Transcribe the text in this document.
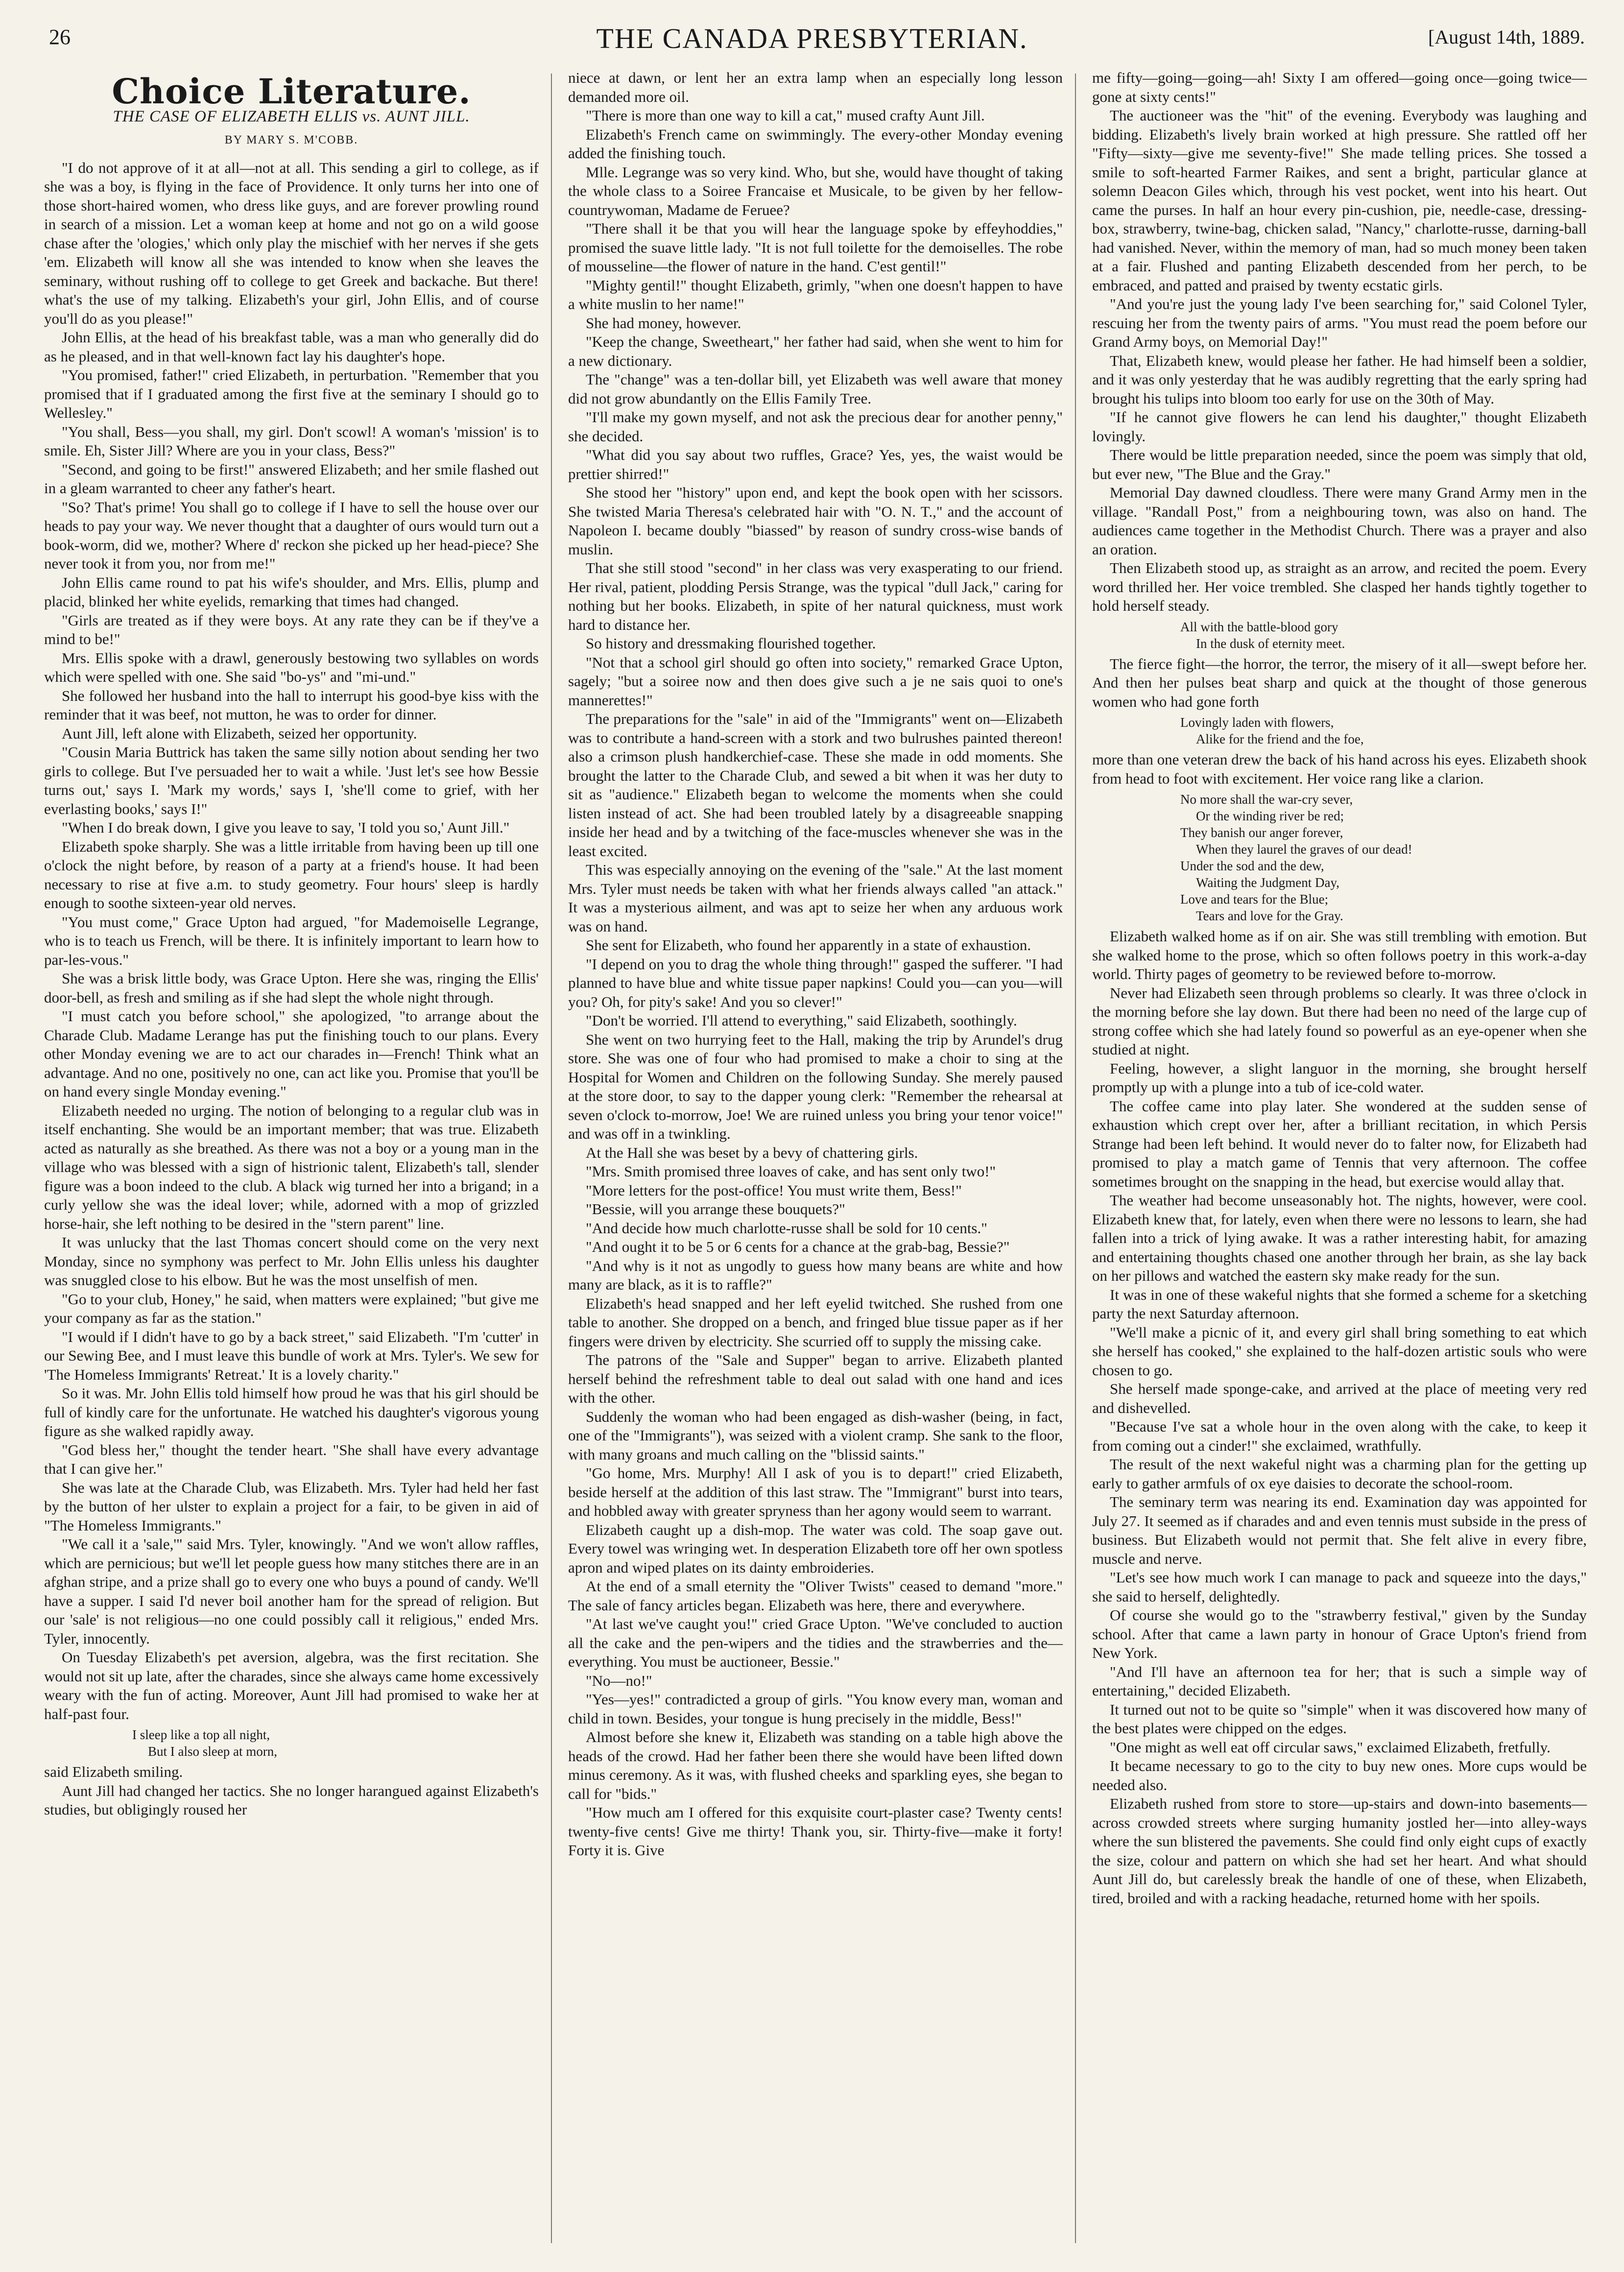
26	THE CANADA PRESBYTERIAN.	[August 14th, 1889.
Choice Literature.
THE CASE OF ELIZABETH ELLIS vs. AUNT JILL.
BY MARY S. M'COBB.

"I do not approve of it at all—not at all. This sending a girl to college, as if she was a boy, is flying in the face of Providence. It only turns her into one of those short-haired women, who dress like guys, and are forever prowling round in search of a mission. Let a woman keep at home and not go on a wild goose chase after the 'ologies,' which only play the mischief with her nerves if she gets 'em. Elizabeth will know all she was intended to know when she leaves the seminary, without rushing off to college to get Greek and backache. But there! what's the use of my talking. Elizabeth's your girl, John Ellis, and of course you'll do as you please!"

John Ellis, at the head of his breakfast table, was a man who generally did do as he pleased, and in that well-known fact lay his daughter's hope.

"You promised, father!" cried Elizabeth, in perturbation. "Remember that you promised that if I graduated among the first five at the seminary I should go to Wellesley."

"You shall, Bess—you shall, my girl. Don't scowl! A woman's 'mission' is to smile. Eh, Sister Jill? Where are you in your class, Bess?"

"Second, and going to be first!" answered Elizabeth; and her smile flashed out in a gleam warranted to cheer any father's heart.

"So? That's prime! You shall go to college if I have to sell the house over our heads to pay your way. We never thought that a daughter of ours would turn out a book-worm, did we, mother? Where d' reckon she picked up her head-piece? She never took it from you, nor from me!"

John Ellis came round to pat his wife's shoulder, and Mrs. Ellis, plump and placid, blinked her white eyelids, remarking that times had changed.

"Girls are treated as if they were boys. At any rate they can be if they've a mind to be!"

Mrs. Ellis spoke with a drawl, generously bestowing two syllables on words which were spelled with one. She said "bo-ys" and "mi-und."

She followed her husband into the hall to interrupt his good-bye kiss with the reminder that it was beef, not mutton, he was to order for dinner.

Aunt Jill, left alone with Elizabeth, seized her opportunity.

"Cousin Maria Buttrick has taken the same silly notion about sending her two girls to college. But I've persuaded her to wait a while. 'Just let's see how Bessie turns out,' says I. 'Mark my words,' says I, 'she'll come to grief, with her everlasting books,' says I!"

"When I do break down, I give you leave to say, 'I told you so,' Aunt Jill."

Elizabeth spoke sharply. She was a little irritable from having been up till one o'clock the night before, by reason of a party at a friend's house. It had been necessary to rise at five a.m. to study geometry. Four hours' sleep is hardly enough to soothe sixteen-year old nerves.

"You must come," Grace Upton had argued, "for Mademoiselle Legrange, who is to teach us French, will be there. It is infinitely important to learn how to par-les-vous."

She was a brisk little body, was Grace Upton. Here she was, ringing the Ellis' door-bell, as fresh and smiling as if she had slept the whole night through.

"I must catch you before school," she apologized, "to arrange about the Charade Club. Madame Lerange has put the finishing touch to our plans. Every other Monday evening we are to act our charades in—French! Think what an advantage. And no one, positively no one, can act like you. Promise that you'll be on hand every single Monday evening."

Elizabeth needed no urging. The notion of belonging to a regular club was in itself enchanting. She would be an important member; that was true. Elizabeth acted as naturally as she breathed. As there was not a boy or a young man in the village who was blessed with a sign of histrionic talent, Elizabeth's tall, slender figure was a boon indeed to the club. A black wig turned her into a brigand; in a curly yellow she was the ideal lover; while, adorned with a mop of grizzled horse-hair, she left nothing to be desired in the "stern parent" line.

It was unlucky that the last Thomas concert should come on the very next Monday, since no symphony was perfect to Mr. John Ellis unless his daughter was snuggled close to his elbow. But he was the most unselfish of men.

"Go to your club, Honey," he said, when matters were explained; "but give me your company as far as the station."

"I would if I didn't have to go by a back street," said Elizabeth. "I'm 'cutter' in our Sewing Bee, and I must leave this bundle of work at Mrs. Tyler's. We sew for 'The Homeless Immigrants' Retreat.' It is a lovely charity."

So it was. Mr. John Ellis told himself how proud he was that his girl should be full of kindly care for the unfortunate. He watched his daughter's vigorous young figure as she walked rapidly away.

"God bless her," thought the tender heart. "She shall have every advantage that I can give her."

She was late at the Charade Club, was Elizabeth. Mrs. Tyler had held her fast by the button of her ulster to explain a project for a fair, to be given in aid of "The Homeless Immigrants."

"We call it a 'sale,'" said Mrs. Tyler, knowingly. "And we won't allow raffles, which are pernicious; but we'll let people guess how many stitches there are in an afghan stripe, and a prize shall go to every one who buys a pound of candy. We'll have a supper. I said I'd never boil another ham for the spread of religion. But our 'sale' is not religious—no one could possibly call it religious," ended Mrs. Tyler, innocently.

On Tuesday Elizabeth's pet aversion, algebra, was the first recitation. She would not sit up late, after the charades, since she always came home excessively weary with the fun of acting. Moreover, Aunt Jill had promised to wake her at half-past four.

I sleep like a top all night,
But I also sleep at morn,

said Elizabeth smiling.

Aunt Jill had changed her tactics. She no longer harangued against Elizabeth's studies, but obligingly roused her

niece at dawn, or lent her an extra lamp when an especially long lesson demanded more oil.

"There is more than one way to kill a cat," mused crafty Aunt Jill.

Elizabeth's French came on swimmingly. The every-other Monday evening added the finishing touch.

Mlle. Legrange was so very kind. Who, but she, would have thought of taking the whole class to a Soiree Francaise et Musicale, to be given by her fellow-countrywoman, Madame de Feruee?

"There shall it be that you will hear the language spoke by effeyhoddies," promised the suave little lady. "It is not full toilette for the demoiselles. The robe of mousseline—the flower of nature in the hand. C'est gentil!"

"Mighty gentil!" thought Elizabeth, grimly, "when one doesn't happen to have a white muslin to her name!"

She had money, however.

"Keep the change, Sweetheart," her father had said, when she went to him for a new dictionary.

The "change" was a ten-dollar bill, yet Elizabeth was well aware that money did not grow abundantly on the Ellis Family Tree.

"I'll make my gown myself, and not ask the precious dear for another penny," she decided.

"What did you say about two ruffles, Grace? Yes, yes, the waist would be prettier shirred!"

She stood her "history" upon end, and kept the book open with her scissors. She twisted Maria Theresa's celebrated hair with "O. N. T.," and the account of Napoleon I. became doubly "biassed" by reason of sundry cross-wise bands of muslin.

That she still stood "second" in her class was very exasperating to our friend. Her rival, patient, plodding Persis Strange, was the typical "dull Jack," caring for nothing but her books. Elizabeth, in spite of her natural quickness, must work hard to distance her.

So history and dressmaking flourished together.

"Not that a school girl should go often into society," remarked Grace Upton, sagely; "but a soiree now and then does give such a je ne sais quoi to one's mannerettes!"

The preparations for the "sale" in aid of the "Immigrants" went on—Elizabeth was to contribute a hand-screen with a stork and two bulrushes painted thereon! also a crimson plush handkerchief-case. These she made in odd moments. She brought the latter to the Charade Club, and sewed a bit when it was her duty to sit as "audience." Elizabeth began to welcome the moments when she could listen instead of act. She had been troubled lately by a disagreeable snapping inside her head and by a twitching of the face-muscles whenever she was in the least excited.

This was especially annoying on the evening of the "sale." At the last moment Mrs. Tyler must needs be taken with what her friends always called "an attack." It was a mysterious ailment, and was apt to seize her when any arduous work was on hand.

She sent for Elizabeth, who found her apparently in a state of exhaustion.

"I depend on you to drag the whole thing through!" gasped the sufferer. "I had planned to have blue and white tissue paper napkins! Could you—can you—will you? Oh, for pity's sake! And you so clever!"

"Don't be worried. I'll attend to everything," said Elizabeth, soothingly.

She went on two hurrying feet to the Hall, making the trip by Arundel's drug store. She was one of four who had promised to make a choir to sing at the Hospital for Women and Children on the following Sunday. She merely paused at the store door, to say to the dapper young clerk: "Remember the rehearsal at seven o'clock to-morrow, Joe! We are ruined unless you bring your tenor voice!" and was off in a twinkling.

At the Hall she was beset by a bevy of chattering girls.

"Mrs. Smith promised three loaves of cake, and has sent only two!"

"More letters for the post-office! You must write them, Bess!"

"Bessie, will you arrange these bouquets?"

"And decide how much charlotte-russe shall be sold for 10 cents."

"And ought it to be 5 or 6 cents for a chance at the grab-bag, Bessie?"

"And why is it not as ungodly to guess how many beans are white and how many are black, as it is to raffle?"

Elizabeth's head snapped and her left eyelid twitched. She rushed from one table to another. She dropped on a bench, and fringed blue tissue paper as if her fingers were driven by electricity. She scurried off to supply the missing cake.

The patrons of the "Sale and Supper" began to arrive. Elizabeth planted herself behind the refreshment table to deal out salad with one hand and ices with the other.

Suddenly the woman who had been engaged as dish-washer (being, in fact, one of the "Immigrants"), was seized with a violent cramp. She sank to the floor, with many groans and much calling on the "blissid saints."

"Go home, Mrs. Murphy! All I ask of you is to depart!" cried Elizabeth, beside herself at the addition of this last straw. The "Immigrant" burst into tears, and hobbled away with greater spryness than her agony would seem to warrant.

Elizabeth caught up a dish-mop. The water was cold. The soap gave out. Every towel was wringing wet. In desperation Elizabeth tore off her own spotless apron and wiped plates on its dainty embroideries.

At the end of a small eternity the "Oliver Twists" ceased to demand "more." The sale of fancy articles began. Elizabeth was here, there and everywhere.

"At last we've caught you!" cried Grace Upton. "We've concluded to auction all the cake and the pen-wipers and the tidies and the strawberries and the—everything. You must be auctioneer, Bessie."

"No—no!"

"Yes—yes!" contradicted a group of girls. "You know every man, woman and child in town. Besides, your tongue is hung precisely in the middle, Bess!"

Almost before she knew it, Elizabeth was standing on a table high above the heads of the crowd. Had her father been there she would have been lifted down minus ceremony. As it was, with flushed cheeks and sparkling eyes, she began to call for "bids."

"How much am I offered for this exquisite court-plaster case? Twenty cents! twenty-five cents! Give me thirty! Thank you, sir. Thirty-five—make it forty! Forty it is. Give

me fifty—going—going—ah! Sixty I am offered—going once—going twice—gone at sixty cents!"

The auctioneer was the "hit" of the evening. Everybody was laughing and bidding. Elizabeth's lively brain worked at high pressure. She rattled off her "Fifty—sixty—give me seventy-five!" She made telling prices. She tossed a smile to soft-hearted Farmer Raikes, and sent a bright, particular glance at solemn Deacon Giles which, through his vest pocket, went into his heart. Out came the purses. In half an hour every pin-cushion, pie, needle-case, dressing-box, strawberry, twine-bag, chicken salad, "Nancy," charlotte-russe, darning-ball had vanished. Never, within the memory of man, had so much money been taken at a fair. Flushed and panting Elizabeth descended from her perch, to be embraced, and patted and praised by twenty ecstatic girls.

"And you're just the young lady I've been searching for," said Colonel Tyler, rescuing her from the twenty pairs of arms. "You must read the poem before our Grand Army boys, on Memorial Day!"

That, Elizabeth knew, would please her father. He had himself been a soldier, and it was only yesterday that he was audibly regretting that the early spring had brought his tulips into bloom too early for use on the 30th of May.

"If he cannot give flowers he can lend his daughter," thought Elizabeth lovingly.

There would be little preparation needed, since the poem was simply that old, but ever new, "The Blue and the Gray."

Memorial Day dawned cloudless. There were many Grand Army men in the village. "Randall Post," from a neighbouring town, was also on hand. The audiences came together in the Methodist Church. There was a prayer and also an oration.

Then Elizabeth stood up, as straight as an arrow, and recited the poem. Every word thrilled her. Her voice trembled. She clasped her hands tightly together to hold herself steady.

All with the battle-blood gory
In the dusk of eternity meet.

The fierce fight—the horror, the terror, the misery of it all—swept before her. And then her pulses beat sharp and quick at the thought of those generous women who had gone forth

Lovingly laden with flowers,
Alike for the friend and the foe,

more than one veteran drew the back of his hand across his eyes. Elizabeth shook from head to foot with excitement. Her voice rang like a clarion.

No more shall the war-cry sever,
Or the winding river be red;
They banish our anger forever,
When they laurel the graves of our dead!
Under the sod and the dew,
Waiting the Judgment Day,
Love and tears for the Blue;
Tears and love for the Gray.

Elizabeth walked home as if on air. She was still trembling with emotion. But she walked home to the prose, which so often follows poetry in this work-a-day world. Thirty pages of geometry to be reviewed before to-morrow.

Never had Elizabeth seen through problems so clearly. It was three o'clock in the morning before she lay down. But there had been no need of the large cup of strong coffee which she had lately found so powerful as an eye-opener when she studied at night.

Feeling, however, a slight languor in the morning, she brought herself promptly up with a plunge into a tub of ice-cold water.

The coffee came into play later. She wondered at the sudden sense of exhaustion which crept over her, after a brilliant recitation, in which Persis Strange had been left behind. It would never do to falter now, for Elizabeth had promised to play a match game of Tennis that very afternoon. The coffee sometimes brought on the snapping in the head, but exercise would allay that.

The weather had become unseasonably hot. The nights, however, were cool. Elizabeth knew that, for lately, even when there were no lessons to learn, she had fallen into a trick of lying awake. It was a rather interesting habit, for amazing and entertaining thoughts chased one another through her brain, as she lay back on her pillows and watched the eastern sky make ready for the sun.

It was in one of these wakeful nights that she formed a scheme for a sketching party the next Saturday afternoon.

"We'll make a picnic of it, and every girl shall bring something to eat which she herself has cooked," she explained to the half-dozen artistic souls who were chosen to go.

She herself made sponge-cake, and arrived at the place of meeting very red and dishevelled.

"Because I've sat a whole hour in the oven along with the cake, to keep it from coming out a cinder!" she exclaimed, wrathfully.

The result of the next wakeful night was a charming plan for the getting up early to gather armfuls of ox eye daisies to decorate the school-room.

The seminary term was nearing its end. Examination day was appointed for July 27. It seemed as if charades and and even tennis must subside in the press of business. But Elizabeth would not permit that. She felt alive in every fibre, muscle and nerve.

"Let's see how much work I can manage to pack and squeeze into the days," she said to herself, delightedly.

Of course she would go to the "strawberry festival," given by the Sunday school. After that came a lawn party in honour of Grace Upton's friend from New York.

"And I'll have an afternoon tea for her; that is such a simple way of entertaining," decided Elizabeth.

It turned out not to be quite so "simple" when it was discovered how many of the best plates were chipped on the edges.

"One might as well eat off circular saws," exclaimed Elizabeth, fretfully.

It became necessary to go to the city to buy new ones. More cups would be needed also.

Elizabeth rushed from store to store—up-stairs and down-into basements—across crowded streets where surging humanity jostled her—into alley-ways where the sun blistered the pavements. She could find only eight cups of exactly the size, colour and pattern on which she had set her heart. And what should Aunt Jill do, but carelessly break the handle of one of these, when Elizabeth, tired, broiled and with a racking headache, returned home with her spoils.
